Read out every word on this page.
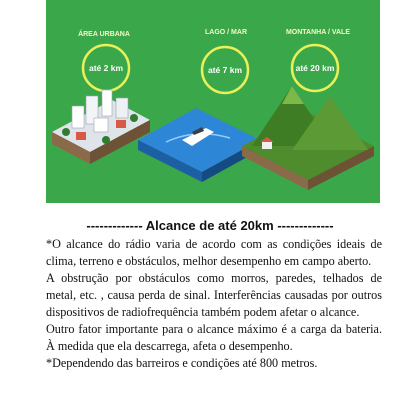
ÁREA URBANA	LAGO / MAR	MONTANHA / VALE
até 2 km	até 7 km	até 20 km
------------- Alcance de até 20km -------------

*O alcance do rádio varia de acordo com as condições ideais de clima, terreno e obstáculos, melhor desempenho em campo aberto.

A obstrução por obstáculos como morros, paredes, telhados de metal, etc. , causa perda de sinal. Interferências causadas por outros dispositivos de radiofrequência também podem afetar o alcance.

Outro fator importante para o alcance máximo é a carga da bateria. À medida que ela descarrega, afeta o desempenho.

*Dependendo das barreiros e condições até 800 metros.
